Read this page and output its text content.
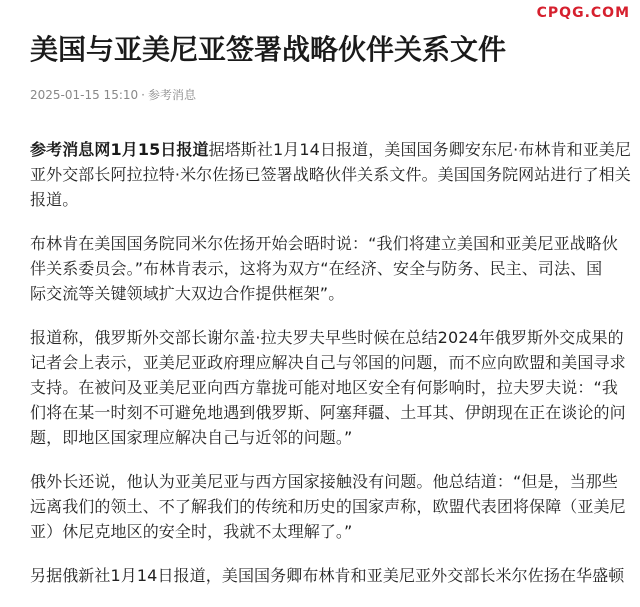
CPQG.COM
美国与亚美尼亚签署战略伙伴关系文件
2025-01-15 15:10 · 参考消息

参考消息网1月15日报道据塔斯社1月14日报道，美国国务卿安东尼·布林肯和亚美尼
亚外交部长阿拉拉特·米尔佐扬已签署战略伙伴关系文件。美国国务院网站进行了相关
报道。

布林肯在美国国务院同米尔佐扬开始会晤时说：“我们将建立美国和亚美尼亚战略伙
伴关系委员会。”布林肯表示，这将为双方“在经济、安全与防务、民主、司法、国
际交流等关键领域扩大双边合作提供框架”。

报道称，俄罗斯外交部长谢尔盖·拉夫罗夫早些时候在总结2024年俄罗斯外交成果的
记者会上表示，亚美尼亚政府理应解决自己与邻国的问题，而不应向欧盟和美国寻求
支持。在被问及亚美尼亚向西方靠拢可能对地区安全有何影响时，拉夫罗夫说：“我
们将在某一时刻不可避免地遇到俄罗斯、阿塞拜疆、土耳其、伊朗现在正在谈论的问
题，即地区国家理应解决自己与近邻的问题。”

俄外长还说，他认为亚美尼亚与西方国家接触没有问题。他总结道：“但是，当那些
远离我们的领土、不了解我们的传统和历史的国家声称，欧盟代表团将保障（亚美尼
亚）休尼克地区的安全时，我就不太理解了。”

另据俄新社1月14日报道，美国国务卿布林肯和亚美尼亚外交部长米尔佐扬在华盛顿
